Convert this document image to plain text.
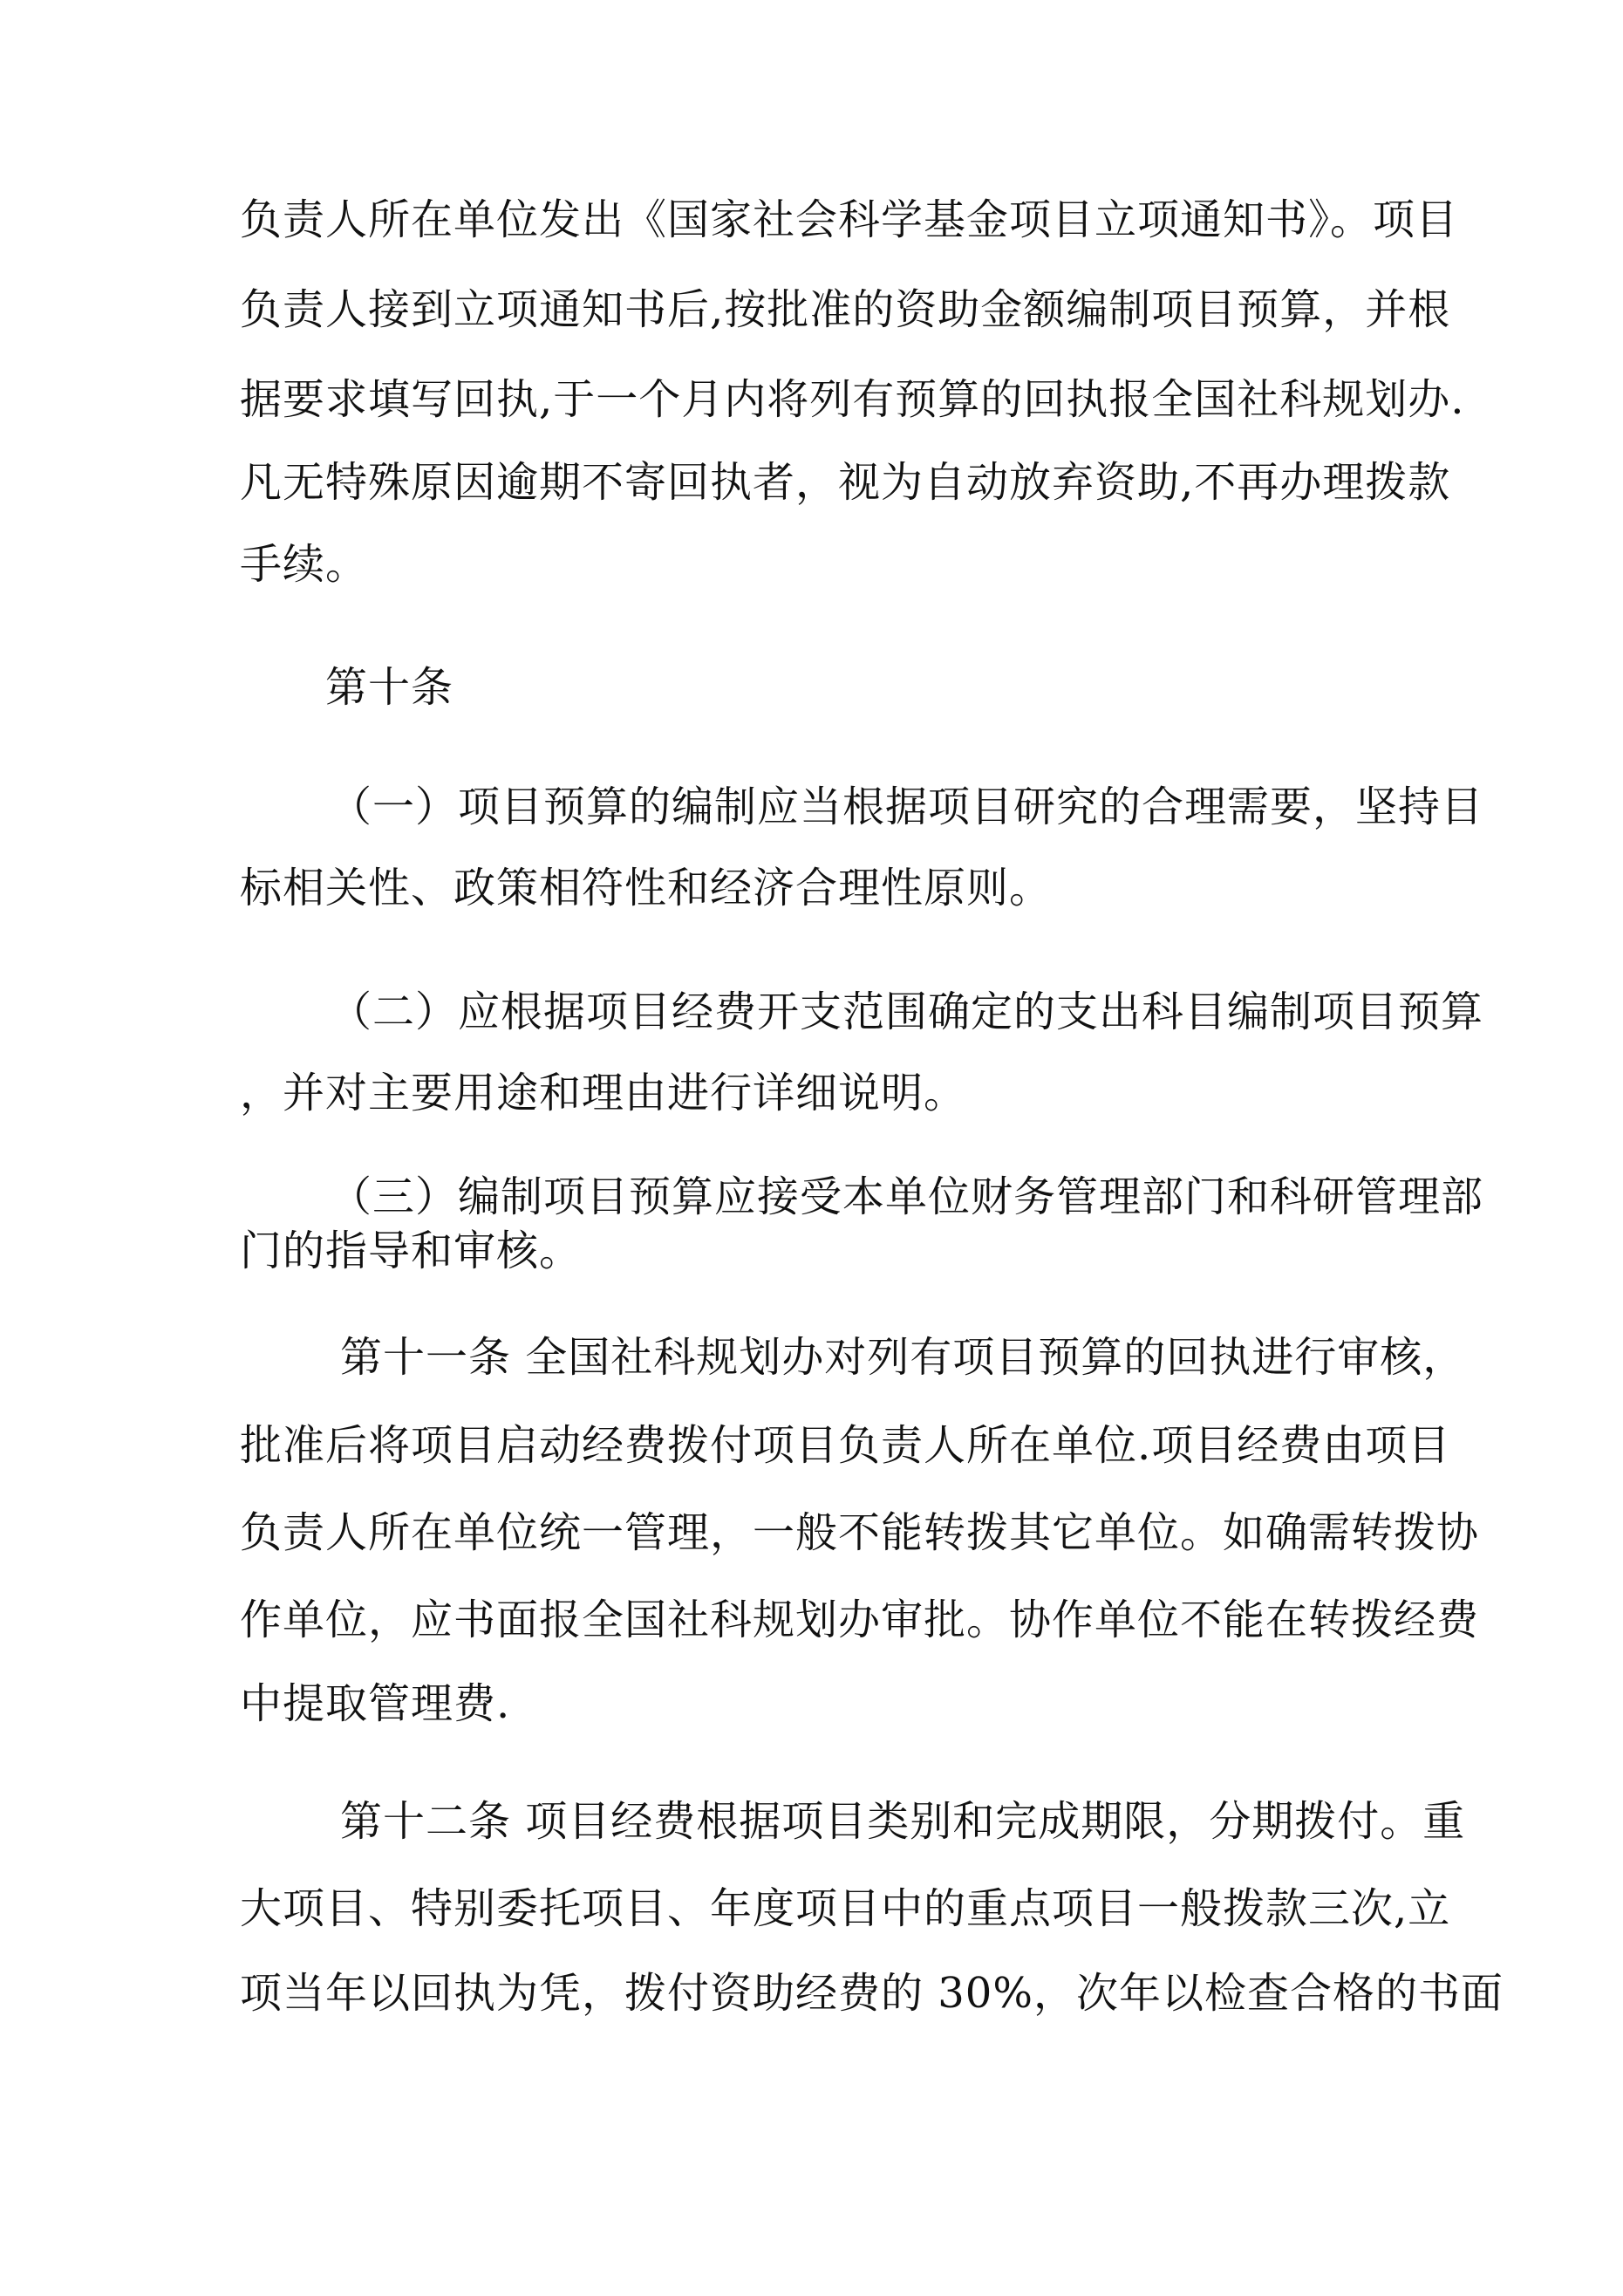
负责人所在单位发出《国家社会科学基金项目立项通知书》。项目
负责人接到立项通知书后,按批准的资助金额编制项目预算，并根
据要求填写回执,于一个月内将列有预算的回执报全国社科规划办.
凡无特殊原因逾期不寄回执者，视为自动放弃资助,不再办理拨款
手续。
第十条
（一）项目预算的编制应当根据项目研究的合理需要，坚持目
标相关性、政策相符性和经济合理性原则。
（二）应根据项目经费开支范围确定的支出科目编制项目预算
，并对主要用途和理由进行详细说明。
（三）编制项目预算应接受本单位财务管理部门和科研管理部
门的指导和审核。
第十一条 全国社科规划办对列有项目预算的回执进行审核，
批准后将项目启动经费拨付项目负责人所在单位.项目经费由项目
负责人所在单位统一管理，一般不能转拨其它单位。如确需转拨协
作单位，应书面报全国社科规划办审批。协作单位不能在转拨经费
中提取管理费.
第十二条 项目经费根据项目类别和完成期限，分期拨付。重
大项目、特别委托项目、年度项目中的重点项目一般拨款三次,立
项当年以回执为凭，拨付资助经费的 30%，次年以检查合格的书面
